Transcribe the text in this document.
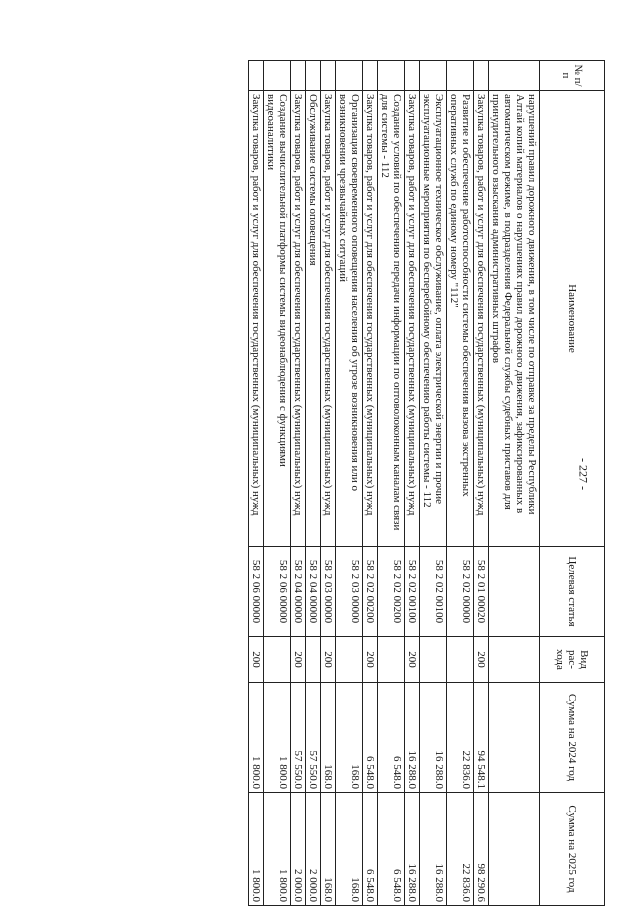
- 227 -
№ п/п	Наименование	Целевая статья	Вид рас- хода	Сумма на 2024 год	Сумма на 2025 год
	нарушений правил дорожного движения, в том числе по отправке за пределы Республики Алтай копий материалов о нарушениях правил дорожного движения, зафиксированных в автоматическом режиме, в подразделения Федеральной службы судебных приставов для принудительного взыскания административных штрафов				
	Закупка товаров, работ и услуг для обеспечения государственных (муниципальных) нужд	58 2 01 00020	200	94 548.1	98 290.6
	Развитие и обеспечение работоспособности системы обеспечения вызова экстренных оперативных служб по единому номеру "112"	58 2 02 00000		22 836.0	22 836.0
	Эксплуатационное техническое обслуживание, оплата электрической энергии и прочие эксплуатационные мероприятия по бесперебойному обеспечению работы системы - 112	58 2 02 00100		16 288.0	16 288.0
	Закупка товаров, работ и услуг для обеспечения государственных (муниципальных) нужд	58 2 02 00100	200	16 288.0	16 288.0
	Создание условий по обеспечению передачи информации по оптоволоконным каналам связи для системы - 112	58 2 02 00200		6 548.0	6 548.0
	Закупка товаров, работ и услуг для обеспечения государственных (муниципальных) нужд	58 2 02 00200	200	6 548.0	6 548.0
	Организация своевременного оповещения населения об угрозе возникновения или о возникновении чрезвычайных ситуаций	58 2 03 00000		168.0	168.0
	Закупка товаров, работ и услуг для обеспечения государственных (муниципальных) нужд	58 2 03 00000	200	168.0	168.0
	Обслуживание системы оповещения	58 2 04 00000		57 550.0	2 000.0
	Закупка товаров, работ и услуг для обеспечения государственных (муниципальных) нужд	58 2 04 00000	200	57 550.0	2 000.0
	Создание вычислительной платформы системы видеонаблюдения с функциями видеоаналитики	58 2 06 00000		1 800.0	1 800.0
	Закупка товаров, работ и услуг для обеспечения государственных (муниципальных) нужд	58 2 06 00000	200	1 800.0	1 800.0
